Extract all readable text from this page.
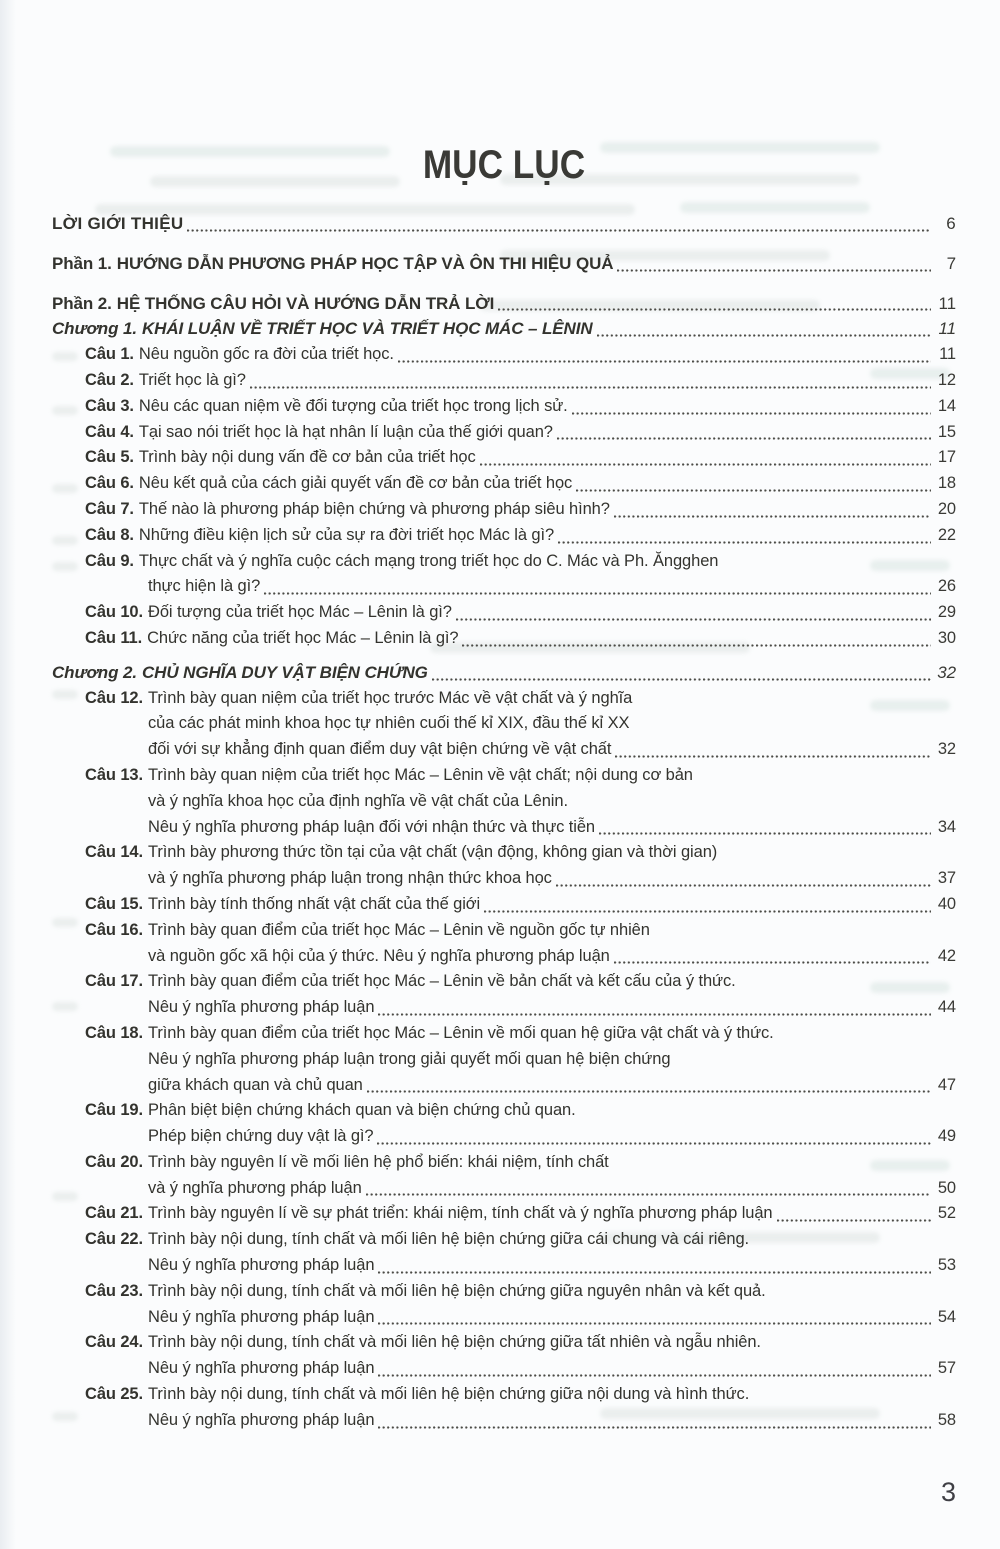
MỤC LỤC
LỜI GIỚI THIỆU	6
Phần 1. HƯỚNG DẪN PHƯƠNG PHÁP HỌC TẬP VÀ ÔN THI HIỆU QUẢ	7
Phần 2. HỆ THỐNG CÂU HỎI VÀ HƯỚNG DẪN TRẢ LỜI	11
Chương 1. KHÁI LUẬN VỀ TRIẾT HỌC VÀ TRIẾT HỌC MÁC – LÊNIN	11
Câu 1. Nêu nguồn gốc ra đời của triết học.	11
Câu 2. Triết học là gì?	12
Câu 3. Nêu các quan niệm về đối tượng của triết học trong lịch sử.	14
Câu 4. Tại sao nói triết học là hạt nhân lí luận của thế giới quan?	15
Câu 5. Trình bày nội dung vấn đề cơ bản của triết học	17
Câu 6. Nêu kết quả của cách giải quyết vấn đề cơ bản của triết học	18
Câu 7. Thế nào là phương pháp biện chứng và phương pháp siêu hình?	20
Câu 8. Những điều kiện lịch sử của sự ra đời triết học Mác là gì?	22
Câu 9. Thực chất và ý nghĩa cuộc cách mạng trong triết học do C. Mác và Ph. Ăngghen
thực hiện là gì?	26
Câu 10. Đối tượng của triết học Mác – Lênin là gì?	29
Câu 11. Chức năng của triết học Mác – Lênin là gì?	30
Chương 2. CHỦ NGHĨA DUY VẬT BIỆN CHỨNG	32
Câu 12. Trình bày quan niệm của triết học trước Mác về vật chất và ý nghĩa
của các phát minh khoa học tự nhiên cuối thế kỉ XIX, đầu thế kỉ XX
đối với sự khẳng định quan điểm duy vật biện chứng về vật chất	32
Câu 13. Trình bày quan niệm của triết học Mác – Lênin về vật chất; nội dung cơ bản
và ý nghĩa khoa học của định nghĩa về vật chất của Lênin.
Nêu ý nghĩa phương pháp luận đối với nhận thức và thực tiễn	34
Câu 14. Trình bày phương thức tồn tại của vật chất (vận động, không gian và thời gian)
và ý nghĩa phương pháp luận trong nhận thức khoa học	37
Câu 15. Trình bày tính thống nhất vật chất của thế giới	40
Câu 16. Trình bày quan điểm của triết học Mác – Lênin về nguồn gốc tự nhiên
và nguồn gốc xã hội của ý thức. Nêu ý nghĩa phương pháp luận	42
Câu 17. Trình bày quan điểm của triết học Mác – Lênin về bản chất và kết cấu của ý thức.
Nêu ý nghĩa phương pháp luận	44
Câu 18. Trình bày quan điểm của triết học Mác – Lênin về mối quan hệ giữa vật chất và ý thức.
Nêu ý nghĩa phương pháp luận trong giải quyết mối quan hệ biện chứng
giữa khách quan và chủ quan	47
Câu 19. Phân biệt biện chứng khách quan và biện chứng chủ quan.
Phép biện chứng duy vật là gì?	49
Câu 20. Trình bày nguyên lí về mối liên hệ phổ biến: khái niệm, tính chất
và ý nghĩa phương pháp luận	50
Câu 21. Trình bày nguyên lí về sự phát triển: khái niệm, tính chất và ý nghĩa phương pháp luận	52
Câu 22. Trình bày nội dung, tính chất và mối liên hệ biện chứng giữa cái chung và cái riêng.
Nêu ý nghĩa phương pháp luận	53
Câu 23. Trình bày nội dung, tính chất và mối liên hệ biện chứng giữa nguyên nhân và kết quả.
Nêu ý nghĩa phương pháp luận	54
Câu 24. Trình bày nội dung, tính chất và mối liên hệ biện chứng giữa tất nhiên và ngẫu nhiên.
Nêu ý nghĩa phương pháp luận	57
Câu 25. Trình bày nội dung, tính chất và mối liên hệ biện chứng giữa nội dung và hình thức.
Nêu ý nghĩa phương pháp luận	58
3
